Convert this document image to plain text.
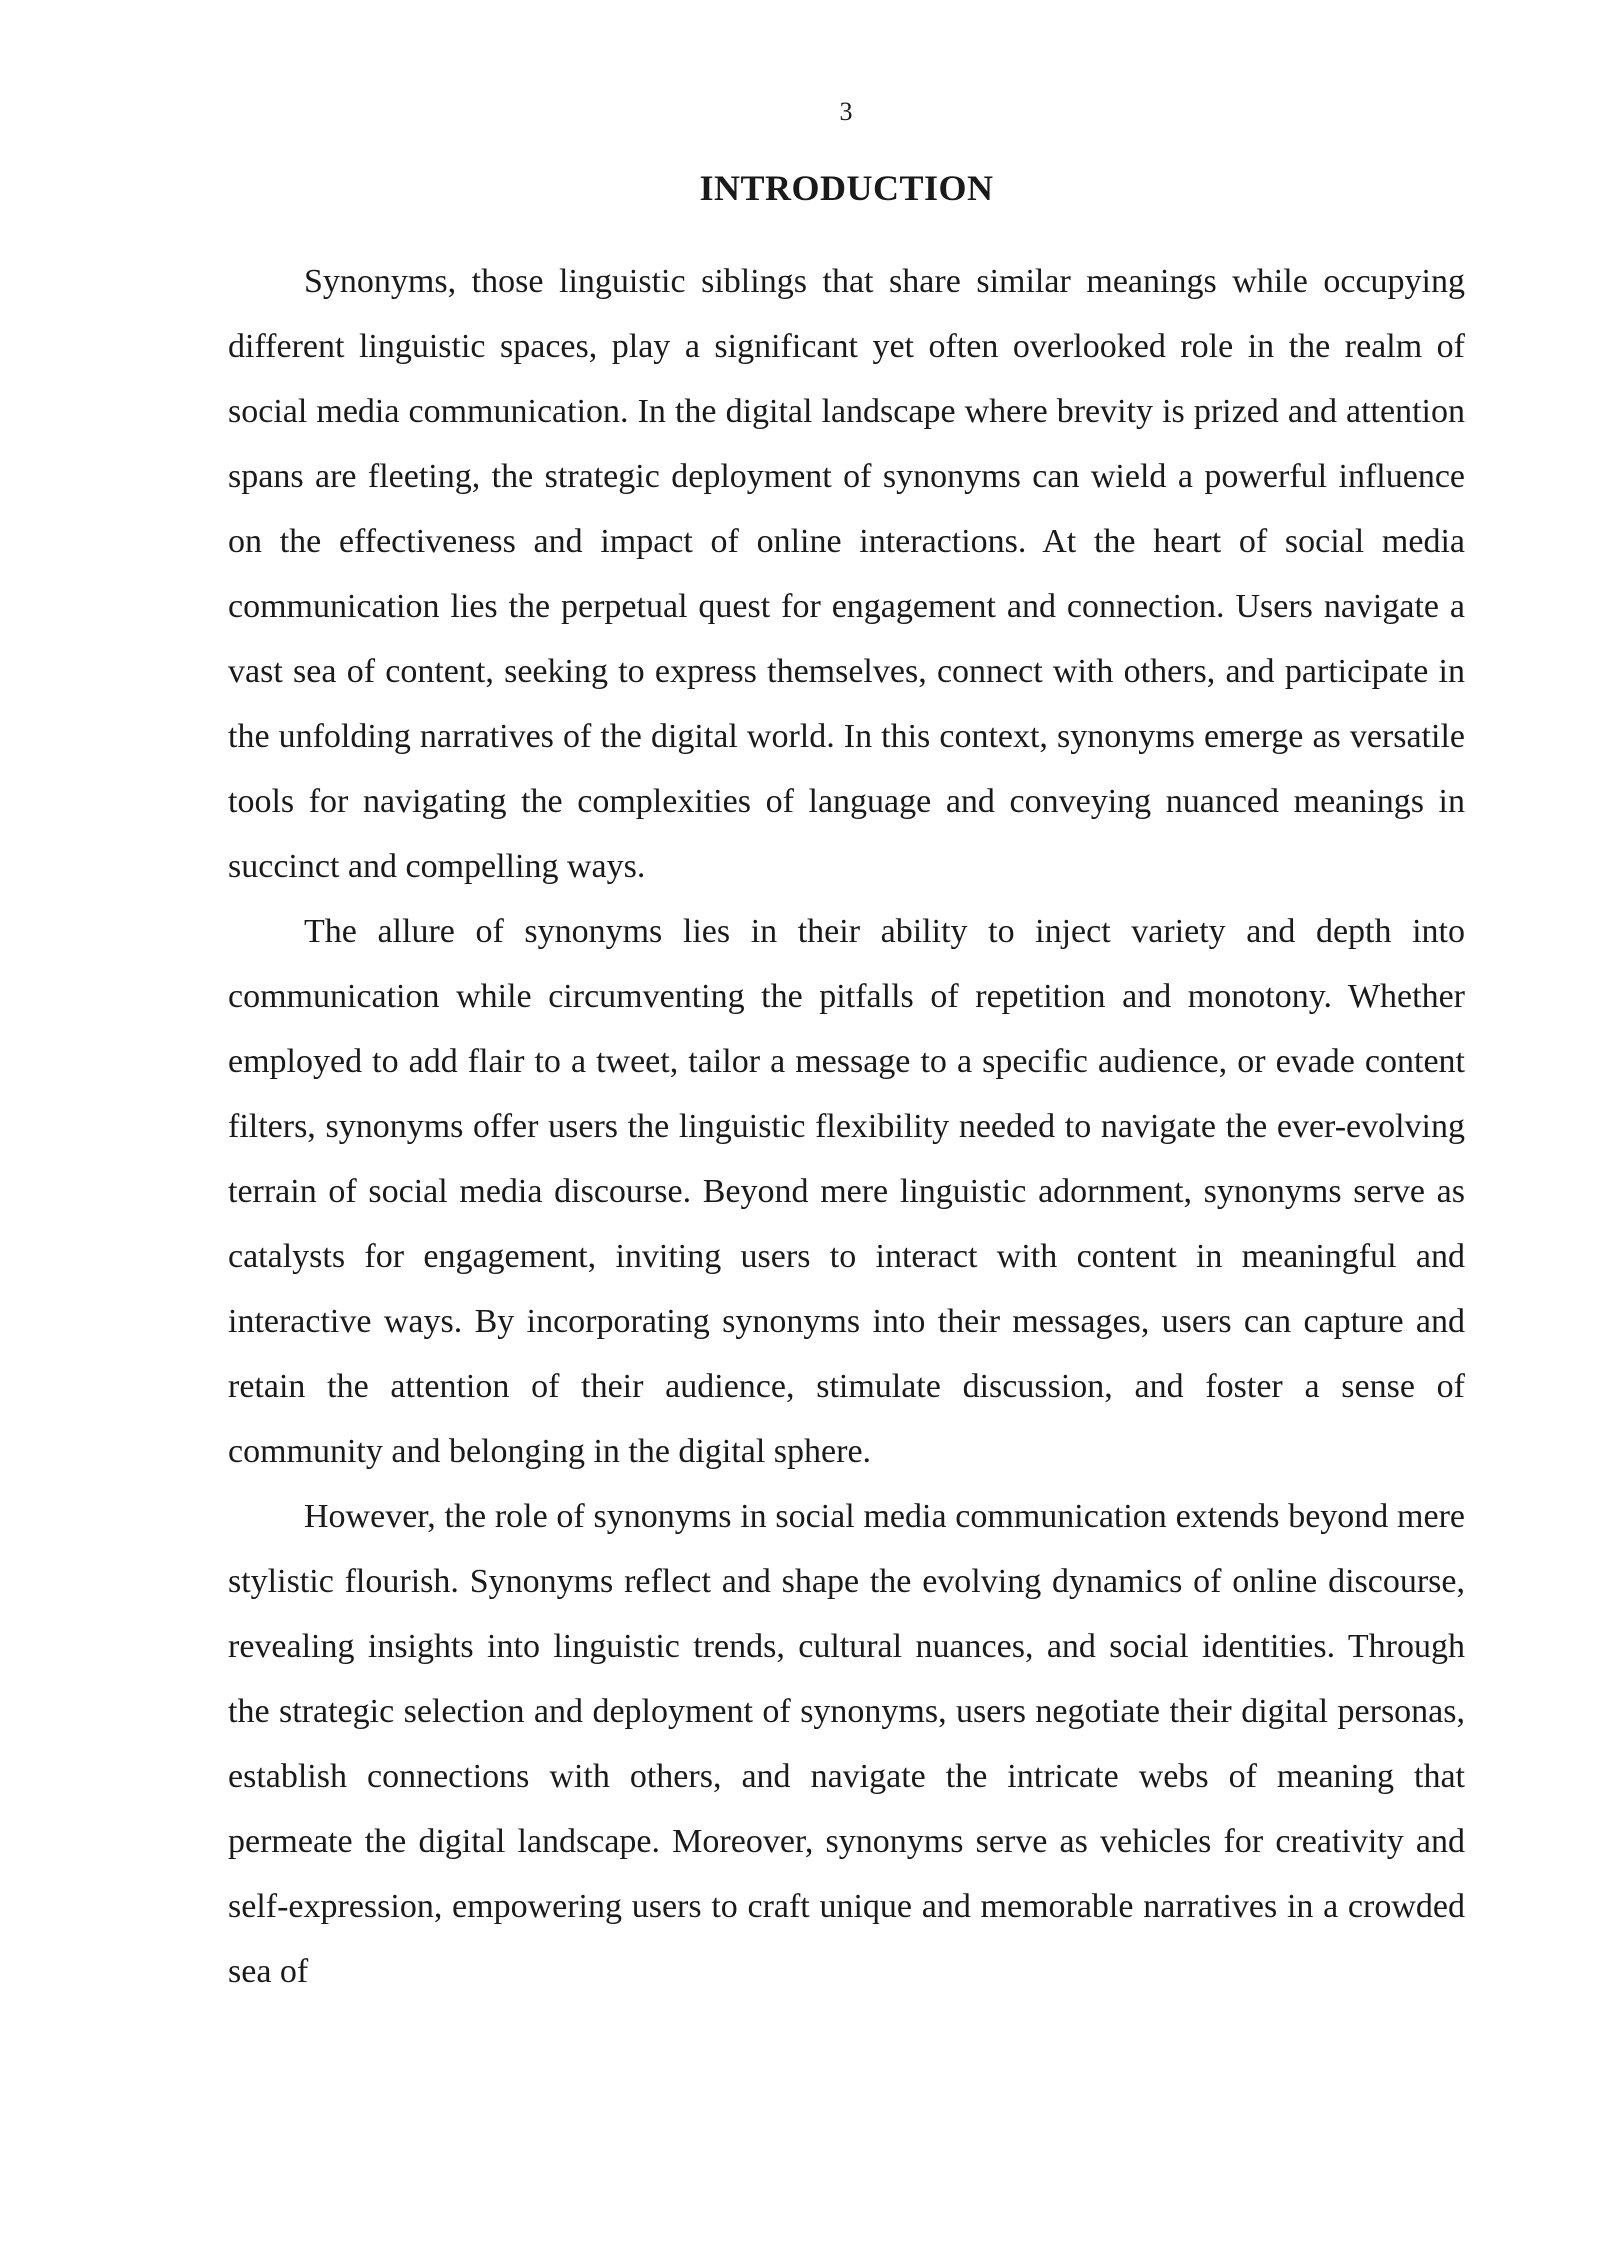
3
INTRODUCTION

Synonyms, those linguistic siblings that share similar meanings while occupying different linguistic spaces, play a significant yet often overlooked role in the realm of social media communication. In the digital landscape where brevity is prized and attention spans are fleeting, the strategic deployment of synonyms can wield a powerful influence on the effectiveness and impact of online interactions. At the heart of social media communication lies the perpetual quest for engagement and connection. Users navigate a vast sea of content, seeking to express themselves, connect with others, and participate in the unfolding narratives of the digital world. In this context, synonyms emerge as versatile tools for navigating the complexities of language and conveying nuanced meanings in succinct and compelling ways.

The allure of synonyms lies in their ability to inject variety and depth into communication while circumventing the pitfalls of repetition and monotony. Whether employed to add flair to a tweet, tailor a message to a specific audience, or evade content filters, synonyms offer users the linguistic flexibility needed to navigate the ever-evolving terrain of social media discourse. Beyond mere linguistic adornment, synonyms serve as catalysts for engagement, inviting users to interact with content in meaningful and interactive ways. By incorporating synonyms into their messages, users can capture and retain the attention of their audience, stimulate discussion, and foster a sense of community and belonging in the digital sphere.

However, the role of synonyms in social media communication extends beyond mere stylistic flourish. Synonyms reflect and shape the evolving dynamics of online discourse, revealing insights into linguistic trends, cultural nuances, and social identities. Through the strategic selection and deployment of synonyms, users negotiate their digital personas, establish connections with others, and navigate the intricate webs of meaning that permeate the digital landscape. Moreover, synonyms serve as vehicles for creativity and self-expression, empowering users to craft unique and memorable narratives in a crowded sea of
